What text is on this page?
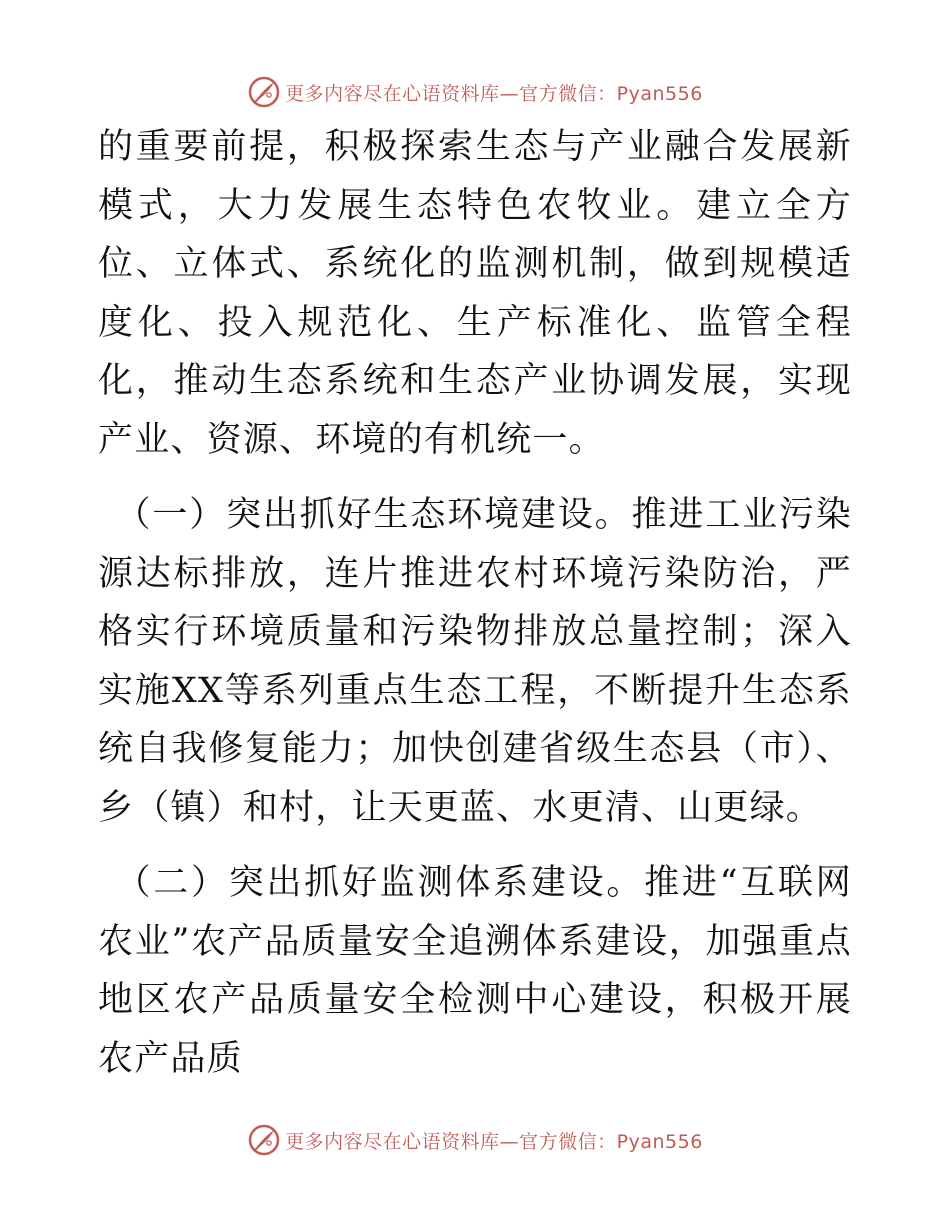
更多内容尽在心语资料库—官方微信：Pyan556

的重要前提，积极探索生态与产业融合发展新模式，大力发展生态特色农牧业。建立全方位、立体式、系统化的监测机制，做到规模适度化、投入规范化、生产标准化、监管全程化，推动生态系统和生态产业协调发展，实现产业、资源、环境的有机统一。

（一）突出抓好生态环境建设。推进工业污染源达标排放，连片推进农村环境污染防治，严格实行环境质量和污染物排放总量控制；深入实施XX等系列重点生态工程，不断提升生态系统自我修复能力；加快创建省级生态县（市）、乡（镇）和村，让天更蓝、水更清、山更绿。

（二）突出抓好监测体系建设。推进“互联网 农业”农产品质量安全追溯体系建设，加强重点地区农产品质量安全检测中心建设，积极开展农产品质

更多内容尽在心语资料库—官方微信：Pyan556
